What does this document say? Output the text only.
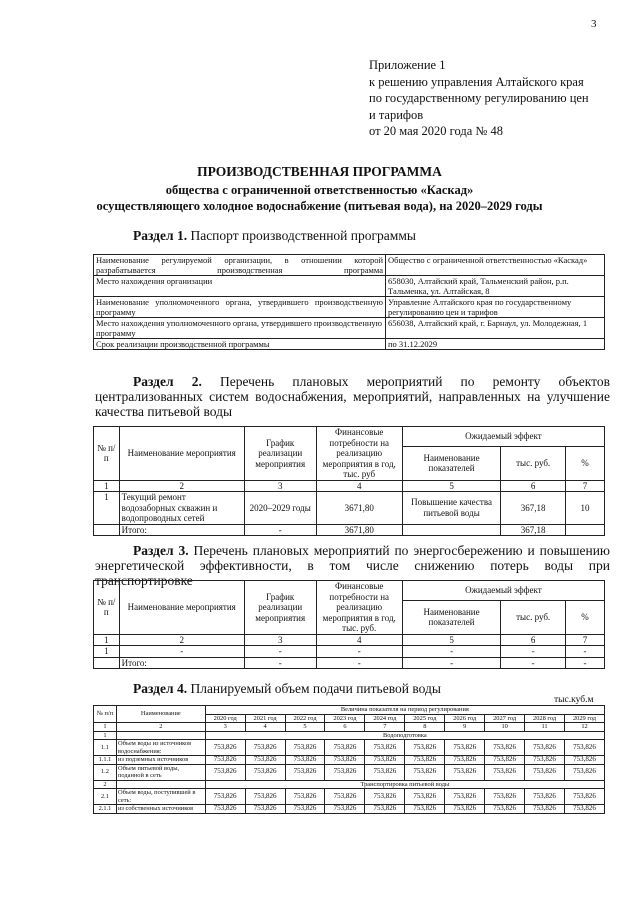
3
Приложение 1
к решению управления Алтайского края
по государственному регулированию цен
и тарифов
от 20 мая 2020 года № 48
ПРОИЗВОДСТВЕННАЯ ПРОГРАММА
общества с ограниченной ответственностью «Каскад»
осуществляющего холодное водоснабжение (питьевая вода), на 2020–2029 годы
Раздел 1. Паспорт производственной программы
Наименование регулируемой организации, в отношении которой разрабатывается производственная программа	Общество с ограниченной ответственностью «Каскад»
Место нахождения организации	658030, Алтайский край, Тальменский район, р.п. Тальменка, ул. Алтайская, 8
Наименование уполномоченного органа, утвердившего производственную программу	Управление Алтайского края по государственному регулированию цен и тарифов
Место нахождения уполномоченного органа, утвердившего производственную программу	656038, Алтайский край, г. Барнаул, ул. Молодежная, 1
Срок реализации производственной программы	по 31.12.2029
Раздел 2. Перечень плановых мероприятий по ремонту объектов централизованных систем водоснабжения, мероприятий, направленных на улучшение качества питьевой воды
№ п/п	Наименование мероприятия	График реализации мероприятия	Финансовые потребности на реализацию мероприятия в год, тыс. руб	Ожидаемый эффект		
				Наименование показателей	тыс. руб.	%
1	2	3	4	5	6	7
1	Текущий ремонт водозаборных скважин и водопроводных сетей	2020–2029 годы	3671,80	Повышение качества питьевой воды	367,18	10
	Итого:	-	3671,80		367,18	
Раздел 3. Перечень плановых мероприятий по энергосбережению и повышению энергетической эффективности, в том числе снижению потерь воды при транспортировке
№ п/п	Наименование мероприятия	График реализации мероприятия	Финансовые потребности на реализацию мероприятия в год, тыс. руб.	Ожидаемый эффект		
				Наименование показателей	тыс. руб.	%
1	2	3	4	5	6	7
1	-	-	-	-	-	-
	Итого:	-	-	-	-	-
Раздел 4. Планируемый объем подачи питьевой воды
тыс.куб.м
№ п/п	Наименование	Величина показателя на период регулирования									
		2020 год	2021 год	2022 год	2023 год	2024 год	2025 год	2026 год	2027 год	2028 год	2029 год
1	2	3	4	5	6	7	8	9	10	11	12
1		Водоподготовка									
1.1	Объем воды из источников водоснабжения:	753,826	753,826	753,826	753,826	753,826	753,826	753,826	753,826	753,826	753,826
1.1.1	из подземных источников	753,826	753,826	753,826	753,826	753,826	753,826	753,826	753,826	753,826	753,826
1.2	Объем питьевой воды, поданной в сеть	753,826	753,826	753,826	753,826	753,826	753,826	753,826	753,826	753,826	753,826
2		Транспортировка питьевой воды									
2.1	Объем воды, поступившей в сеть:	753,826	753,826	753,826	753,826	753,826	753,826	753,826	753,826	753,826	753,826
2.1.1	из собственных источников	753,826	753,826	753,826	753,826	753,826	753,826	753,826	753,826	753,826	753,826
